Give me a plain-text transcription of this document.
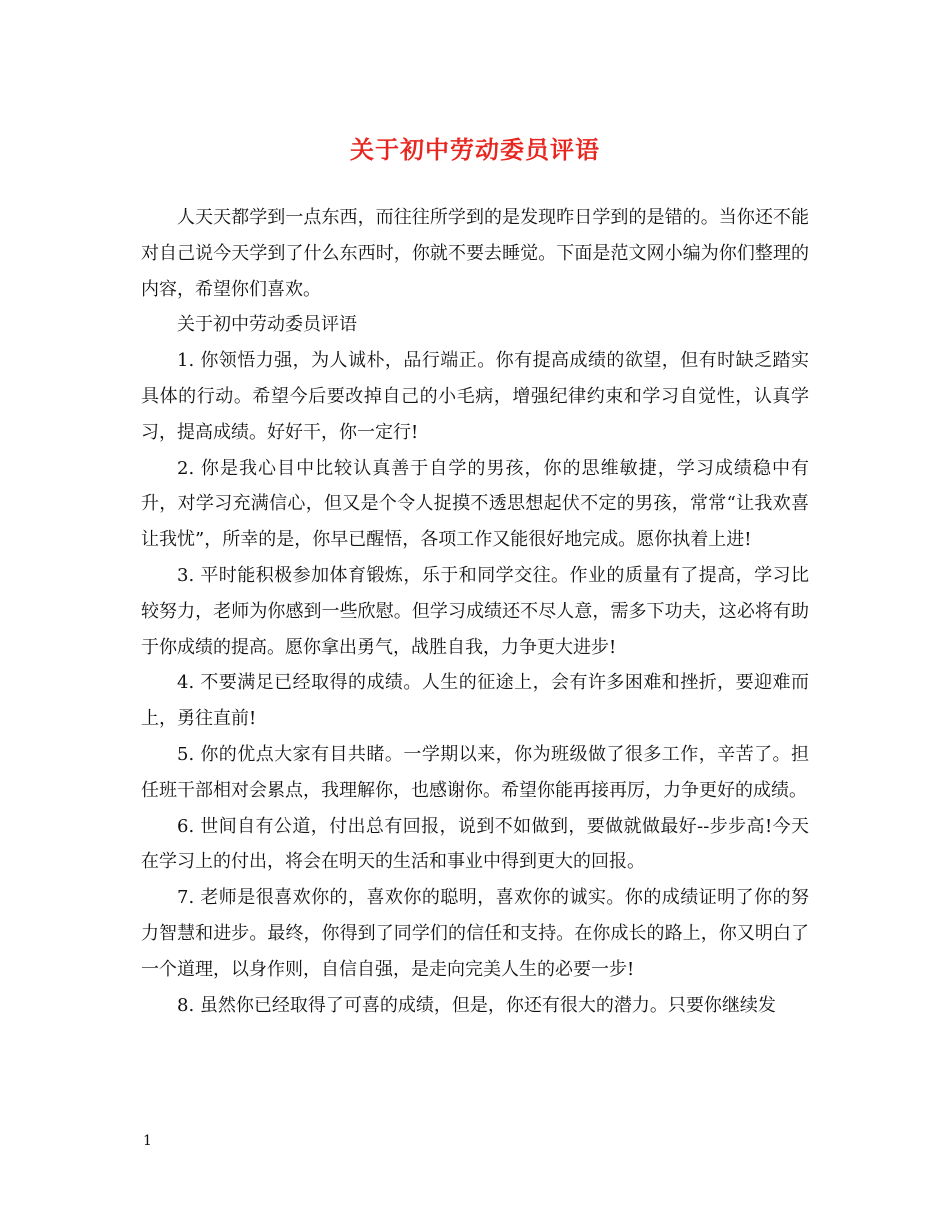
关于初中劳动委员评语

人天天都学到一点东西，而往往所学到的是发现昨日学到的是错的。当你还不能对自己说今天学到了什么东西时，你就不要去睡觉。下面是范文网小编为你们整理的内容，希望你们喜欢。

关于初中劳动委员评语

1. 你领悟力强，为人诚朴，品行端正。你有提高成绩的欲望，但有时缺乏踏实具体的行动。希望今后要改掉自己的小毛病，增强纪律约束和学习自觉性，认真学习，提高成绩。好好干，你一定行!

2. 你是我心目中比较认真善于自学的男孩，你的思维敏捷，学习成绩稳中有升，对学习充满信心，但又是个令人捉摸不透思想起伏不定的男孩，常常“让我欢喜让我忧”，所幸的是，你早已醒悟，各项工作又能很好地完成。愿你执着上进!

3. 平时能积极参加体育锻炼，乐于和同学交往。作业的质量有了提高，学习比较努力，老师为你感到一些欣慰。但学习成绩还不尽人意，需多下功夫，这必将有助于你成绩的提高。愿你拿出勇气，战胜自我，力争更大进步!

4. 不要满足已经取得的成绩。人生的征途上，会有许多困难和挫折，要迎难而上，勇往直前!

5. 你的优点大家有目共睹。一学期以来，你为班级做了很多工作，辛苦了。担任班干部相对会累点，我理解你，也感谢你。希望你能再接再厉，力争更好的成绩。

6. 世间自有公道，付出总有回报，说到不如做到，要做就做最好--步步高!今天在学习上的付出，将会在明天的生活和事业中得到更大的回报。

7. 老师是很喜欢你的，喜欢你的聪明，喜欢你的诚实。你的成绩证明了你的努力智慧和进步。最终，你得到了同学们的信任和支持。在你成长的路上，你又明白了一个道理，以身作则，自信自强，是走向完美人生的必要一步!

8. 虽然你已经取得了可喜的成绩，但是，你还有很大的潜力。只要你继续发

1
